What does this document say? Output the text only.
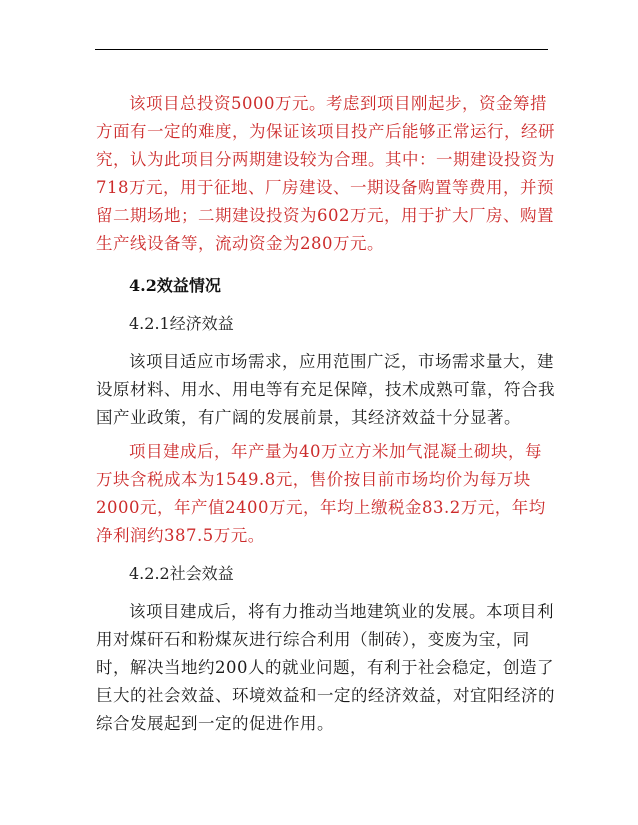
该项目总投资5000万元。考虑到项目刚起步，资金筹措方面有一定的难度，为保证该项目投产后能够正常运行，经研究，认为此项目分两期建设较为合理。其中：一期建设投资为718万元，用于征地、厂房建设、一期设备购置等费用，并预留二期场地；二期建设投资为602万元，用于扩大厂房、购置生产线设备等，流动资金为280万元。

4.2效益情况
4.2.1经济效益

该项目适应市场需求，应用范围广泛，市场需求量大，建设原材料、用水、用电等有充足保障，技术成熟可靠，符合我国产业政策，有广阔的发展前景，其经济效益十分显著。

项目建成后，年产量为40万立方米加气混凝土砌块，每万块含税成本为1549.8元，售价按目前市场均价为每万块2000元，年产值2400万元，年均上缴税金83.2万元，年均净利润约387.5万元。

4.2.2社会效益

该项目建成后，将有力推动当地建筑业的发展。本项目利用对煤矸石和粉煤灰进行综合利用（制砖），变废为宝，同时，解决当地约200人的就业问题，有利于社会稳定，创造了巨大的社会效益、环境效益和一定的经济效益，对宜阳经济的综合发展起到一定的促进作用。
